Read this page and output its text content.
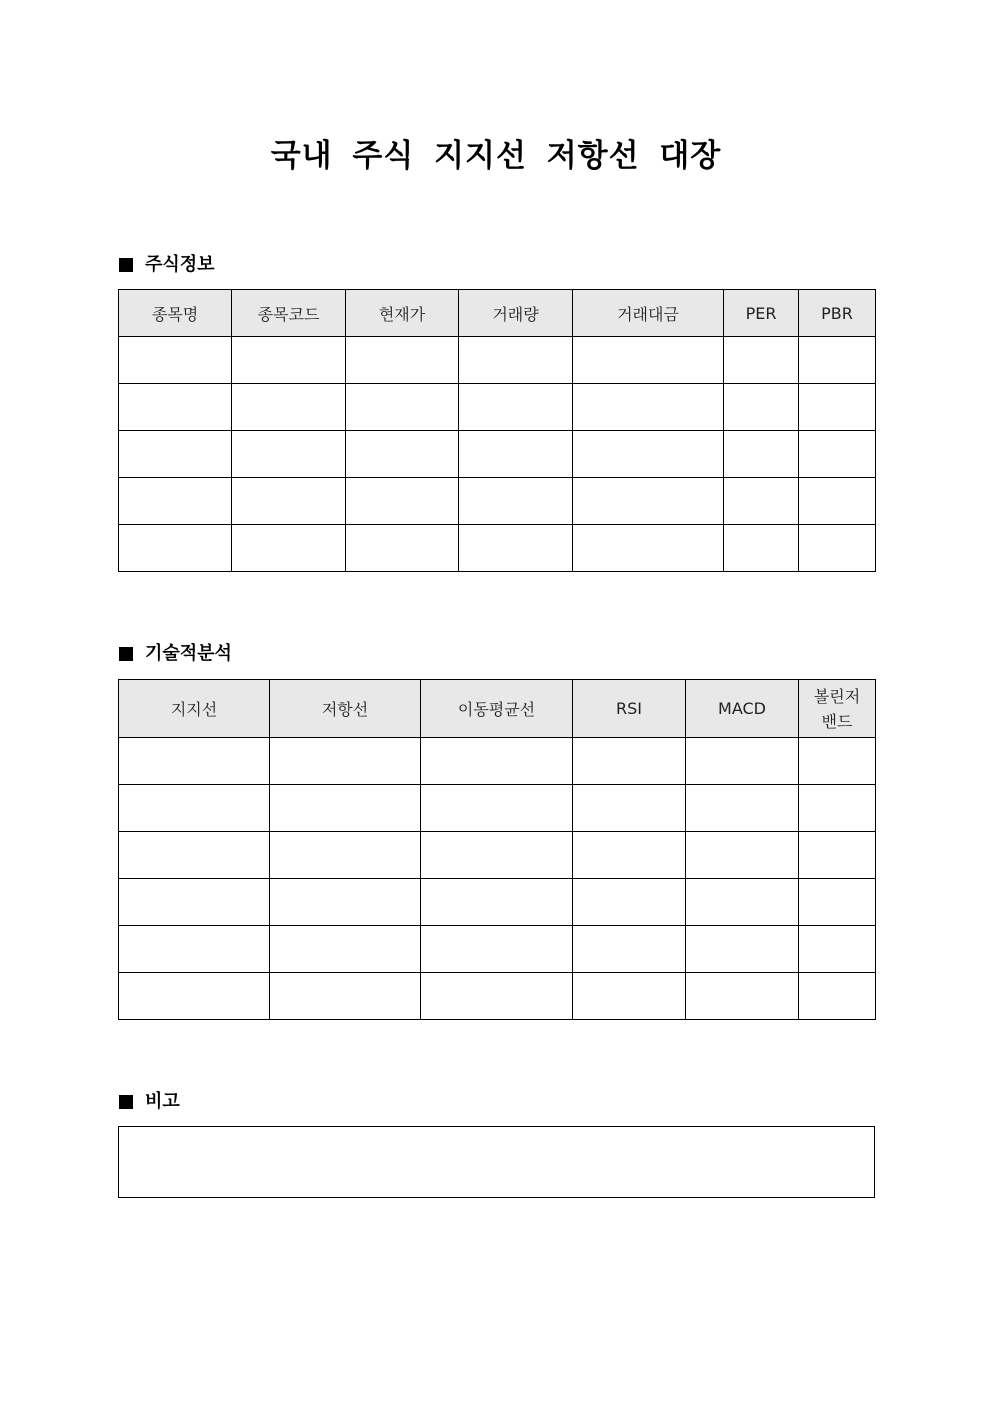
국내 주식 지지선 저항선 대장
주식정보
종목명	종목코드	현재가	거래량	거래대금	PER	PBR

기술적분석
지지선	저항선	이동평균선	RSI	MACD	볼린저
밴드

비고
